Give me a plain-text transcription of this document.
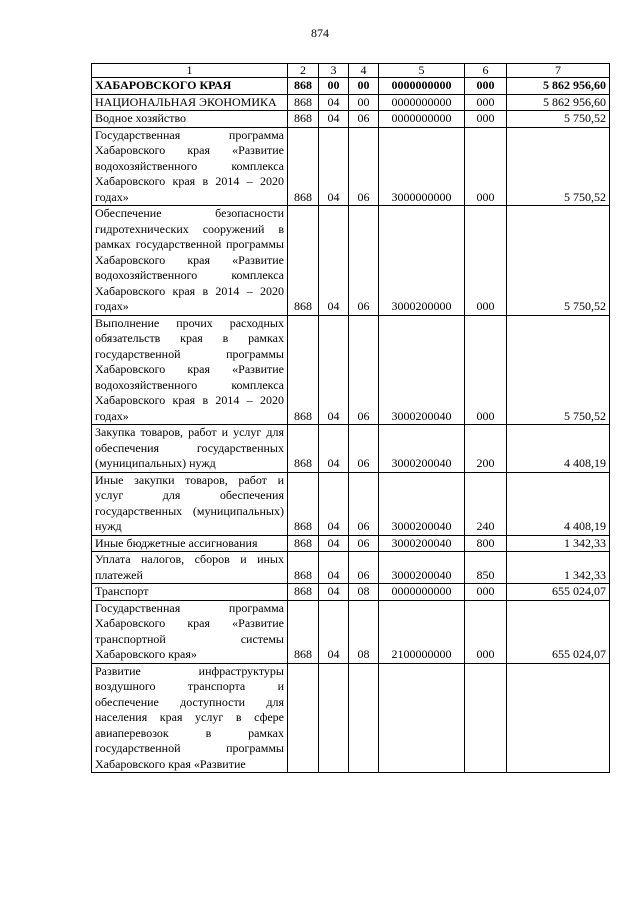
874
1	2	3	4	5	6	7
ХАБАРОВСКОГО КРАЯ	868	00	00	0000000000	000	5 862 956,60
НАЦИОНАЛЬНАЯ ЭКОНОМИКА	868	04	00	0000000000	000	5 862 956,60
Водное хозяйство	868	04	06	0000000000	000	5 750,52
Государственная программа Хабаровского края «Развитие водохозяйственного комплекса Хабаровского края в 2014 – 2020 годах»	868	04	06	3000000000	000	5 750,52
Обеспечение безопасности гидротехнических сооружений в рамках государственной программы Хабаровского края «Развитие водохозяйственного комплекса Хабаровского края в 2014 – 2020 годах»	868	04	06	3000200000	000	5 750,52
Выполнение прочих расходных обязательств края в рамках государственной программы Хабаровского края «Развитие водохозяйственного комплекса Хабаровского края в 2014 – 2020 годах»	868	04	06	3000200040	000	5 750,52
Закупка товаров, работ и услуг для обеспечения государственных (муниципальных) нужд	868	04	06	3000200040	200	4 408,19
Иные закупки товаров, работ и услуг для обеспечения государственных (муниципальных) нужд	868	04	06	3000200040	240	4 408,19
Иные бюджетные ассигнования	868	04	06	3000200040	800	1 342,33
Уплата налогов, сборов и иных платежей	868	04	06	3000200040	850	1 342,33
Транспорт	868	04	08	0000000000	000	655 024,07
Государственная программа Хабаровского края «Развитие транспортной системы Хабаровского края»	868	04	08	2100000000	000	655 024,07
Развитие инфраструктуры воздушного транспорта и обеспечение доступности для населения края услуг в сфере авиаперевозок в рамках государственной программы Хабаровского края «Развитие						
